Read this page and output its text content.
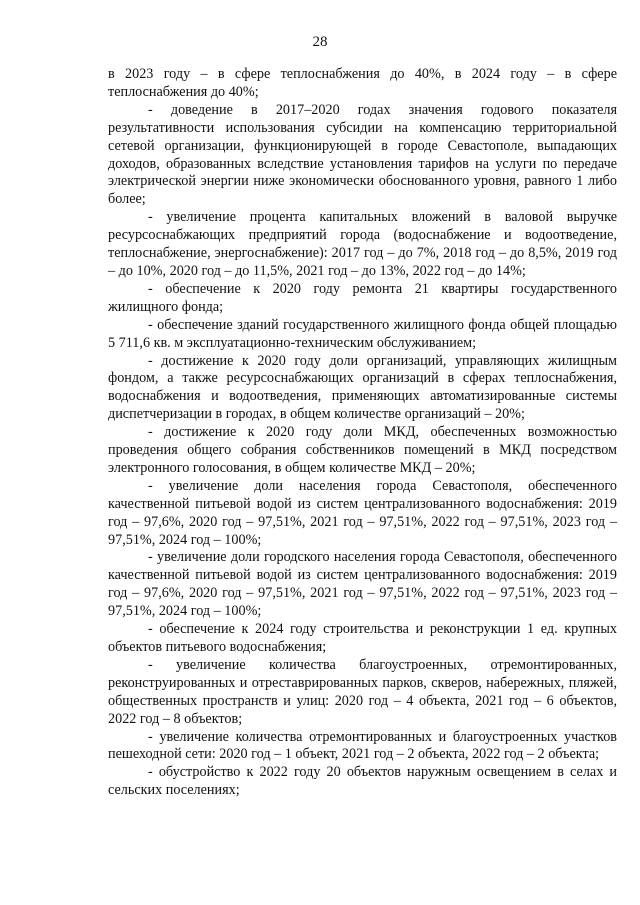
28

в 2023 году – в сфере теплоснабжения до 40%, в 2024 году – в сфере теплоснабжения до 40%;

- доведение в 2017–2020 годах значения годового показателя результативности использования субсидии на компенсацию территориальной сетевой организации, функционирующей в городе Севастополе, выпадающих доходов, образованных вследствие установления тарифов на услуги по передаче электрической энергии ниже экономически обоснованного уровня, равного 1 либо более;

- увеличение процента капитальных вложений в валовой выручке ресурсоснабжающих предприятий города (водоснабжение и водоотведение, теплоснабжение, энергоснабжение): 2017 год – до 7%, 2018 год – до 8,5%, 2019 год – до 10%, 2020 год – до 11,5%, 2021 год – до 13%, 2022 год – до 14%;

- обеспечение к 2020 году ремонта 21 квартиры государственного жилищного фонда;

- обеспечение зданий государственного жилищного фонда общей площадью 5 711,6 кв. м эксплуатационно-техническим обслуживанием;

- достижение к 2020 году доли организаций, управляющих жилищным фондом, а также ресурсоснабжающих организаций в сферах теплоснабжения, водоснабжения и водоотведения, применяющих автоматизированные системы диспетчеризации в городах, в общем количестве организаций – 20%;

- достижение к 2020 году доли МКД, обеспеченных возможностью проведения общего собрания собственников помещений в МКД посредством электронного голосования, в общем количестве МКД – 20%;

- увеличение доли населения города Севастополя, обеспеченного качественной питьевой водой из систем централизованного водоснабжения: 2019 год – 97,6%, 2020 год – 97,51%, 2021 год – 97,51%, 2022 год – 97,51%, 2023 год – 97,51%, 2024 год – 100%;

- увеличение доли городского населения города Севастополя, обеспеченного качественной питьевой водой из систем централизованного водоснабжения: 2019 год – 97,6%, 2020 год – 97,51%, 2021 год – 97,51%, 2022 год – 97,51%, 2023 год – 97,51%, 2024 год – 100%;

- обеспечение к 2024 году строительства и реконструкции 1 ед. крупных объектов питьевого водоснабжения;

- увеличение количества благоустроенных, отремонтированных, реконструированных и отреставрированных парков, скверов, набережных, пляжей, общественных пространств и улиц: 2020 год – 4 объекта, 2021 год – 6 объектов, 2022 год – 8 объектов;

- увеличение количества отремонтированных и благоустроенных участков пешеходной сети: 2020 год – 1 объект, 2021 год – 2 объекта, 2022 год – 2 объекта;

- обустройство к 2022 году 20 объектов наружным освещением в селах и сельских поселениях;
